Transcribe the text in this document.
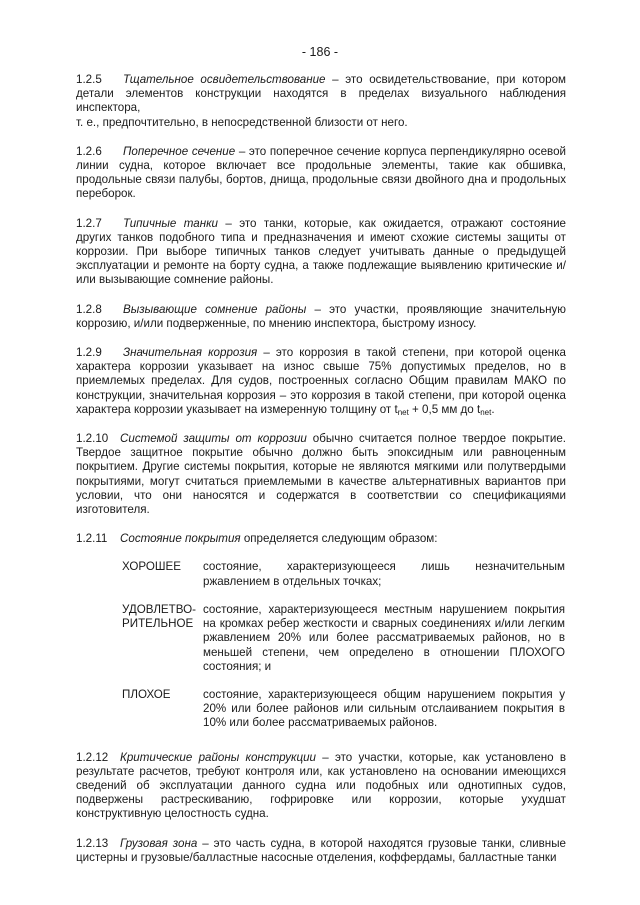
- 186 -

1.2.5 Тщательное освидетельствование – это освидетельствование, при котором детали элементов конструкции находятся в пределах визуального наблюдения инспектора,
т. е., предпочтительно, в непосредственной близости от него.

1.2.6 Поперечное сечение – это поперечное сечение корпуса перпендикулярно осевой линии судна, которое включает все продольные элементы, такие как обшивка, продольные связи палубы, бортов, днища, продольные связи двойного дна и продольных переборок.

1.2.7 Типичные танки – это танки, которые, как ожидается, отражают состояние других танков подобного типа и предназначения и имеют схожие системы защиты от коррозии. При выборе типичных танков следует учитывать данные о предыдущей эксплуатации и ремонте на борту судна, а также подлежащие выявлению критические и/или вызывающие сомнение районы.

1.2.8 Вызывающие сомнение районы – это участки, проявляющие значительную коррозию, и/или подверженные, по мнению инспектора, быстрому износу.

1.2.9 Значительная коррозия – это коррозия в такой степени, при которой оценка характера коррозии указывает на износ свыше 75% допустимых пределов, но в приемлемых пределах. Для судов, построенных согласно Общим правилам МАКО по конструкции, значительная коррозия – это коррозия в такой степени, при которой оценка характера коррозии указывает на измеренную толщину от $t_{net} + 0,5$ мм до $t_{net}$.

1.2.10 Системой защиты от коррозии обычно считается полное твердое покрытие. Твердое защитное покрытие обычно должно быть эпоксидным или равноценным покрытием. Другие системы покрытия, которые не являются мягкими или полутвердыми покрытиями, могут считаться приемлемыми в качестве альтернативных вариантов при условии, что они наносятся и содержатся в соответствии со спецификациями изготовителя.

1.2.11 Состояние покрытия определяется следующим образом:

ХОРОШЕЕ	состояние, характеризующееся лишь незначительным ржавлением в отдельных точках;
УДОВЛЕТВО-РИТЕЛЬНОЕ
состояние, характеризующееся местным нарушением покрытия на кромках ребер жесткости и сварных соединениях и/или легким ржавлением 20% или более рассматриваемых районов, но в меньшей степени, чем определено в отношении ПЛОХОГО состояния; и
ПЛОХОЕ	состояние, характеризующееся общим нарушением покрытия у 20% или более районов или сильным отслаиванием покрытия в 10% или более рассматриваемых районов.

1.2.12 Критические районы конструкции – это участки, которые, как установлено в результате расчетов, требуют контроля или, как установлено на основании имеющихся сведений об эксплуатации данного судна или подобных или однотипных судов, подвержены растрескиванию, гофрировке или коррозии, которые ухудшат конструктивную целостность судна.

1.2.13 Грузовая зона – это часть судна, в которой находятся грузовые танки, сливные цистерны и грузовые/балластные насосные отделения, коффердамы, балластные танки
